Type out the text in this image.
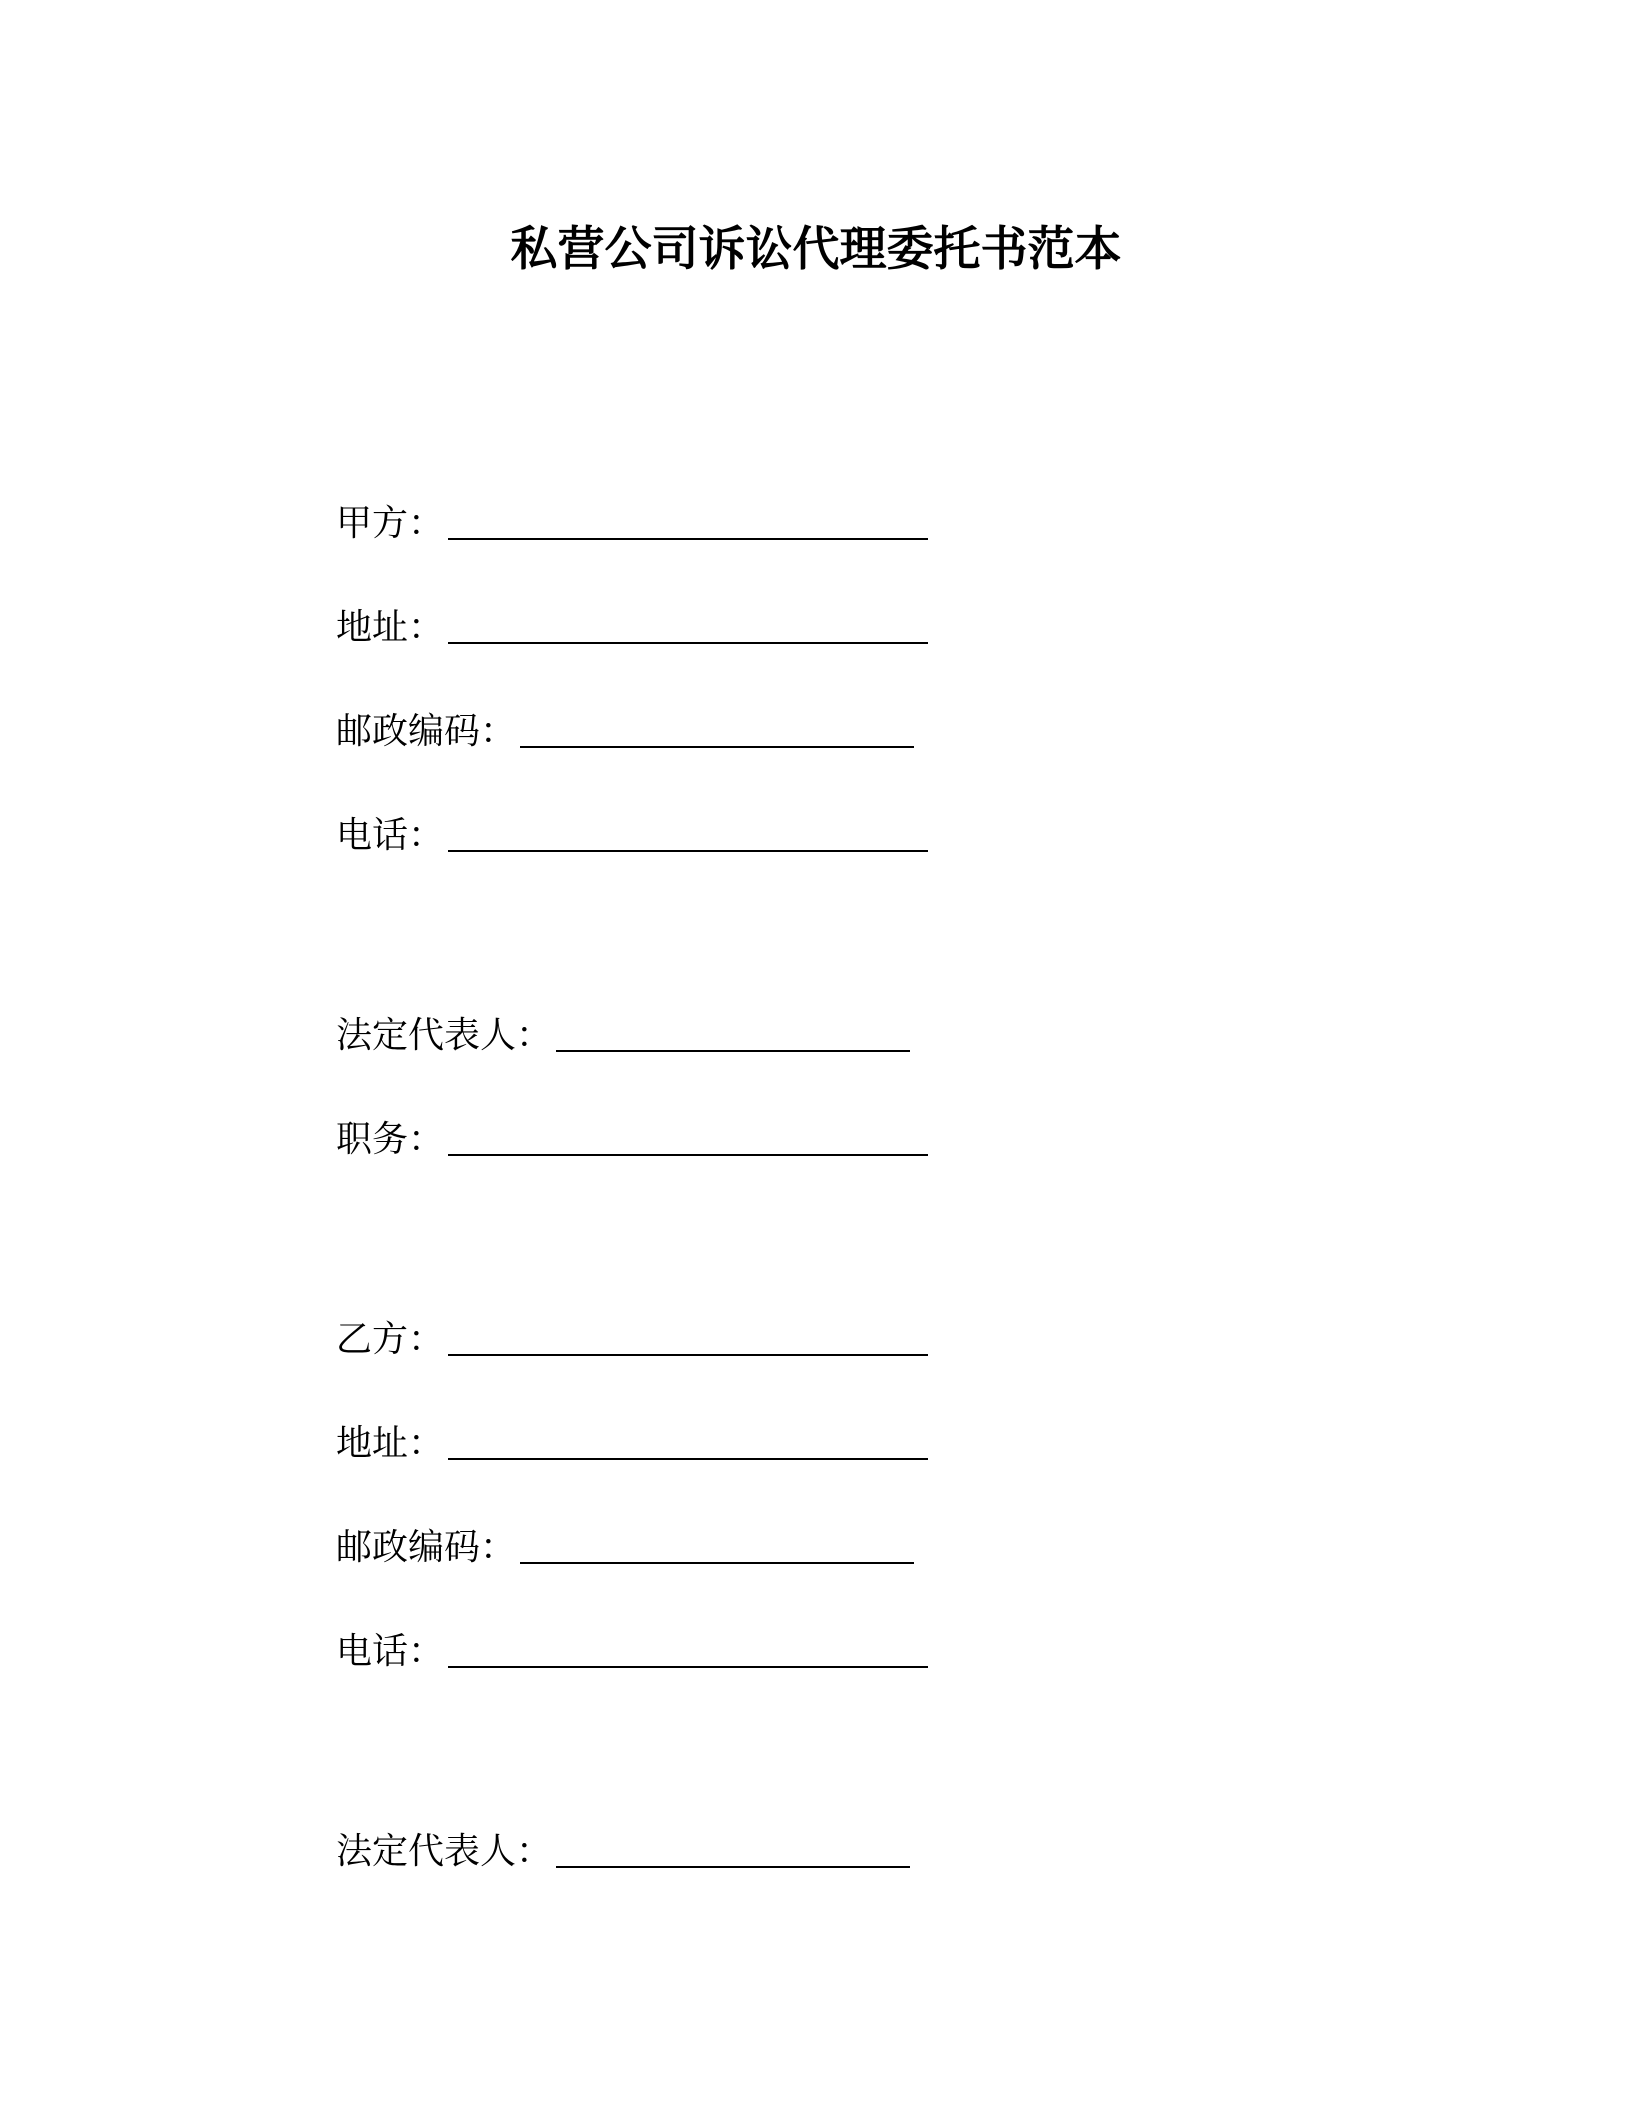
私营公司诉讼代理委托书范本
甲方：
地址：
邮政编码：
电话：
法定代表人：
职务：
乙方：
地址：
邮政编码：
电话：
法定代表人：
